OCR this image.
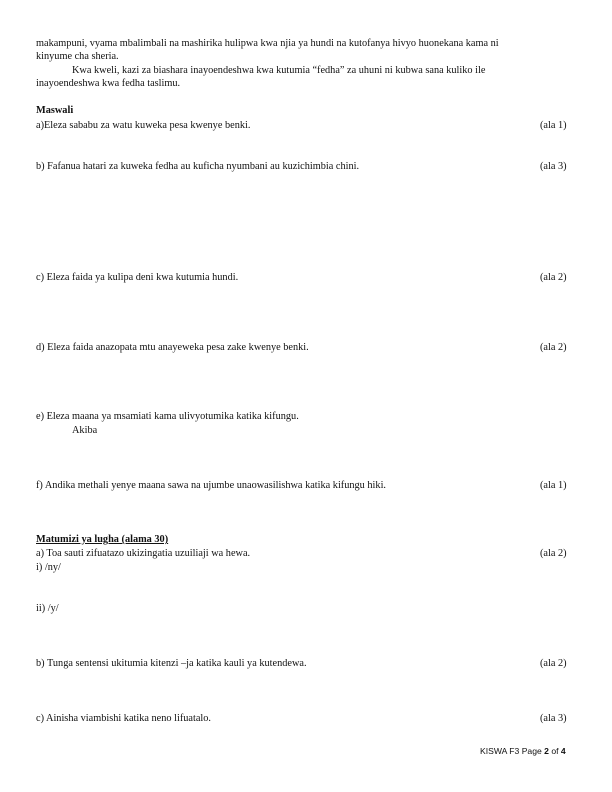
makampuni, vyama mbalimbali na mashirika hulipwa kwa njia ya hundi na kutofanya hivyo huonekana kama ni
kinyume cha sheria.
Kwa kweli, kazi za biashara inayoendeshwa kwa kutumia “fedha” za uhuni ni kubwa sana kuliko ile
inayoendeshwa kwa fedha taslimu.
Maswali
a)Eleza sababu za watu kuweka pesa kwenye benki.	(ala 1)
b) Fafanua hatari za kuweka fedha au kuficha nyumbani au kuzichimbia chini.	(ala 3)
c) Eleza faida ya kulipa deni kwa kutumia hundi.	(ala 2)
d) Eleza faida anazopata mtu anayeweka pesa zake kwenye benki.	(ala 2)
e) Eleza maana ya msamiati kama ulivyotumika katika kifungu.
Akiba
f) Andika methali yenye maana sawa na ujumbe unaowasilishwa katika kifungu hiki.	(ala 1)
Matumizi ya lugha (alama 30)
a) Toa sauti zifuatazo ukizingatia uzuiliaji wa hewa.	(ala 2)
i) /ny/
ii) /y/
b) Tunga sentensi ukitumia kitenzi –ja katika kauli ya kutendewa.	(ala 2)
c) Ainisha viambishi katika neno lifuatalo.	(ala 3)
KISWA F3 Page 2 of 4
